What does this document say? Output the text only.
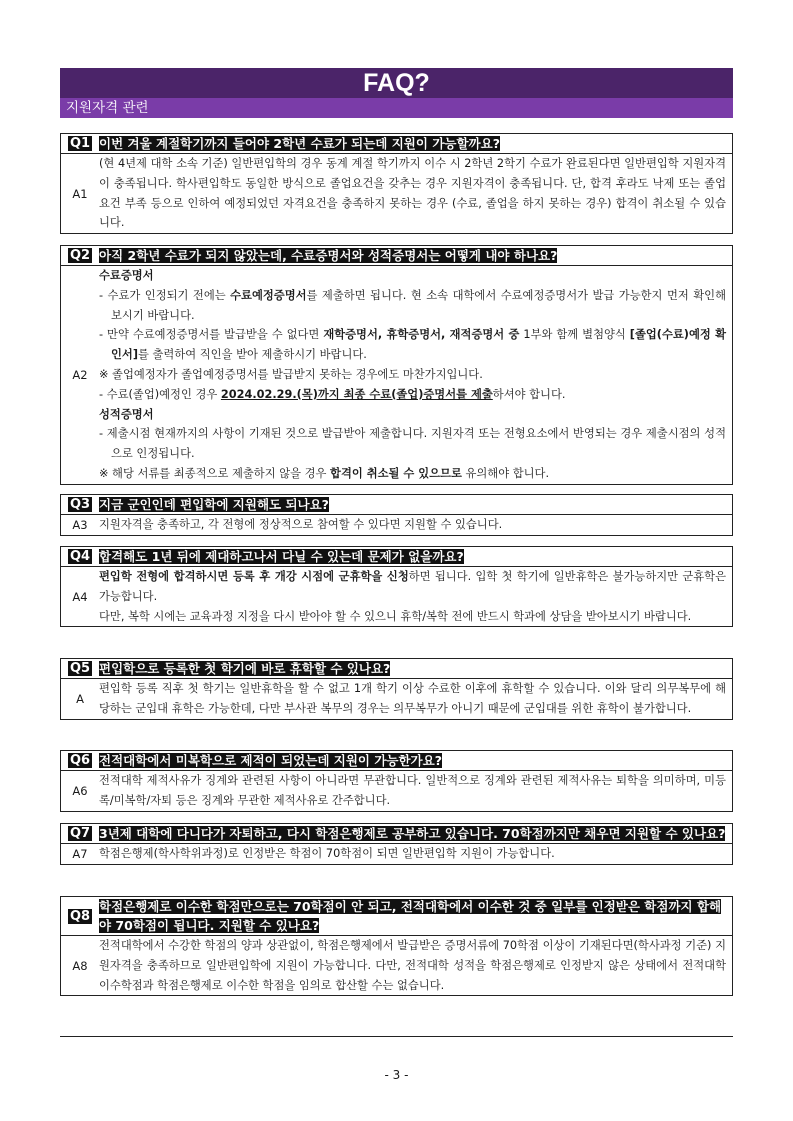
FAQ?
지원자격 관련
Q1 이번 겨울 계절학기까지 들어야 2학년 수료가 되는데 지원이 가능할까요?
A1

(현 4년제 대학 소속 기준) 일반편입학의 경우 동계 계절 학기까지 이수 시 2학년 2학기 수료가 완료된다면 일반편입학 지원자격이 충족됩니다. 학사편입학도 동일한 방식으로 졸업요건을 갖추는 경우 지원자격이 충족됩니다. 단, 합격 후라도 낙제 또는 졸업요건 부족 등으로 인하여 예정되었던 자격요건을 충족하지 못하는 경우 (수료, 졸업을 하지 못하는 경우) 합격이 취소될 수 있습니다.

Q2 아직 2학년 수료가 되지 않았는데, 수료증명서와 성적증명서는 어떻게 내야 하나요?
A2

수료증명서

- 수료가 인정되기 전에는 수료예정증명서를 제출하면 됩니다. 현 소속 대학에서 수료예정증명서가 발급 가능한지 먼저 확인해 보시기 바랍니다.

- 만약 수료예정증명서를 발급받을 수 없다면 재학증명서, 휴학증명서, 재적증명서 중 1부와 함께 별첨양식 [졸업(수료)예정 확인서]를 출력하여 직인을 받아 제출하시기 바랍니다.

※ 졸업예정자가 졸업예정증명서를 발급받지 못하는 경우에도 마찬가지입니다.

- 수료(졸업)예정인 경우 2024.02.29.(목)까지 최종 수료(졸업)증명서를 제출하셔야 합니다.

성적증명서

- 제출시점 현재까지의 사항이 기재된 것으로 발급받아 제출합니다. 지원자격 또는 전형요소에서 반영되는 경우 제출시점의 성적으로 인정됩니다.

※ 해당 서류를 최종적으로 제출하지 않을 경우 합격이 취소될 수 있으므로 유의해야 합니다.

Q3 지금 군인인데 편입학에 지원해도 되나요?
A3	지원자격을 충족하고, 각 전형에 정상적으로 참여할 수 있다면 지원할 수 있습니다.

Q4 합격해도 1년 뒤에 제대하고나서 다닐 수 있는데 문제가 없을까요?
A4

편입학 전형에 합격하시면 등록 후 개강 시점에 군휴학을 신청하면 됩니다. 입학 첫 학기에 일반휴학은 불가능하지만 군휴학은 가능합니다.

다만, 복학 시에는 교육과정 지정을 다시 받아야 할 수 있으니 휴학/복학 전에 반드시 학과에 상담을 받아보시기 바랍니다.

Q5 편입학으로 등록한 첫 학기에 바로 휴학할 수 있나요?
A

편입학 등록 직후 첫 학기는 일반휴학을 할 수 없고 1개 학기 이상 수료한 이후에 휴학할 수 있습니다. 이와 달리 의무복무에 해당하는 군입대 휴학은 가능한데, 다만 부사관 복무의 경우는 의무복무가 아니기 때문에 군입대를 위한 휴학이 불가합니다.

Q6 전적대학에서 미복학으로 제적이 되었는데 지원이 가능한가요?
A6

전적대학 제적사유가 징계와 관련된 사항이 아니라면 무관합니다. 일반적으로 징계와 관련된 제적사유는 퇴학을 의미하며, 미등록/미복학/자퇴 등은 징계와 무관한 제적사유로 간주합니다.

Q7 3년제 대학에 다니다가 자퇴하고, 다시 학점은행제로 공부하고 있습니다. 70학점까지만 채우면 지원할 수 있나요?
A7	학점은행제(학사학위과정)로 인정받은 학점이 70학점이 되면 일반편입학 지원이 가능합니다.

Q8
학점은행제로 이수한 학점만으로는 70학점이 안 되고, 전적대학에서 이수한 것 중 일부를 인정받은 학점까지 합해야 70학점이 됩니다. 지원할 수 있나요?
A8

전적대학에서 수강한 학점의 양과 상관없이, 학점은행제에서 발급받은 증명서류에 70학점 이상이 기재된다면(학사과정 기준) 지원자격을 충족하므로 일반편입학에 지원이 가능합니다. 다만, 전적대학 성적을 학점은행제로 인정받지 않은 상태에서 전적대학 이수학점과 학점은행제로 이수한 학점을 임의로 합산할 수는 없습니다.

- 3 -
